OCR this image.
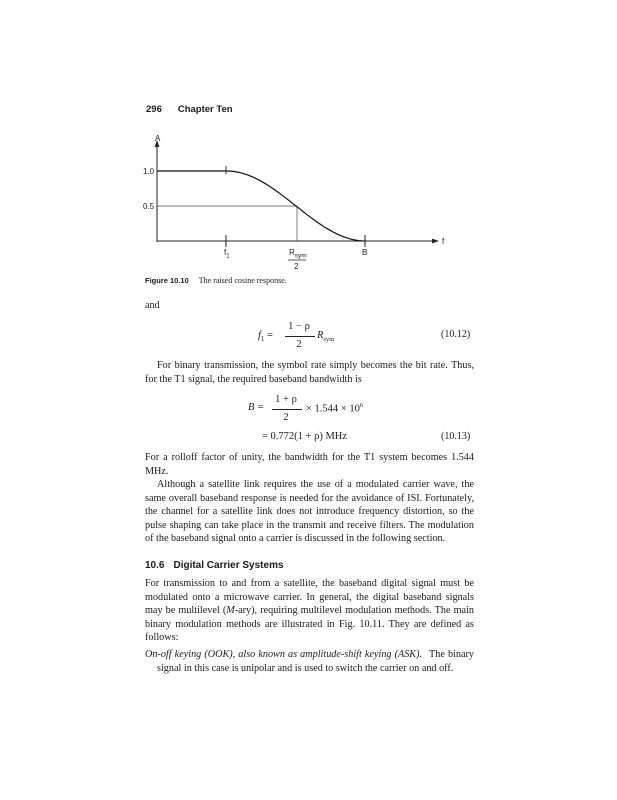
296 Chapter Ten
A
f
1.0
0.5
$f_1$	$R_{sym}$
2
B
Figure 10.10 The raised cosine response.
and
$f_1$ =
1 − ρ
2
$R_{sym}$	(10.12)
For binary transmission, the symbol rate simply becomes the bit rate. Thus, for the T1 signal, the required baseband bandwidth is
B =
1 + ρ
2
× $1.544 \times 10^6$
= 0.772(1 + ρ) MHz	(10.13)
For a rolloff factor of unity, the bandwidth for the T1 system becomes 1.544 MHz.
Although a satellite link requires the use of a modulated carrier wave, the same overall baseband response is needed for the avoidance of ISI. Fortunately, the channel for a satellite link does not introduce frequency distortion, so the pulse shaping can take place in the transmit and receive filters. The modulation of the baseband signal onto a carrier is discussed in the following section.
10.6 Digital Carrier Systems
For transmission to and from a satellite, the baseband digital signal must be modulated onto a microwave carrier. In general, the digital baseband signals may be multilevel (M-ary), requiring multilevel modulation methods. The main binary modulation methods are illustrated in Fig. 10.11. They are defined as follows:
On-off keying (OOK), also known as amplitude-shift keying (ASK). The binary signal in this case is unipolar and is used to switch the carrier on and off.
